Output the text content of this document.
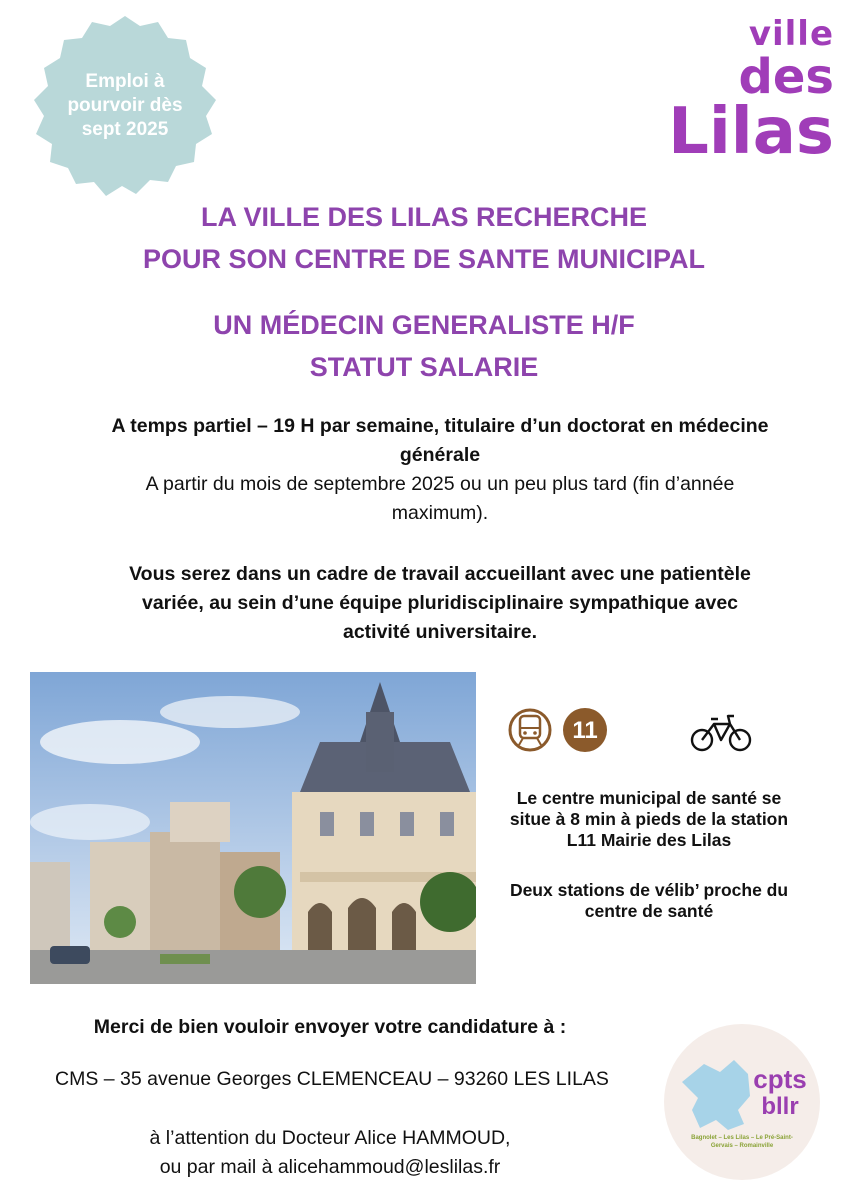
Emploi à
pourvoir dès
sept 2025
ville
des
Lilas
LA VILLE DES LILAS RECHERCHE
POUR SON CENTRE DE SANTE MUNICIPAL
UN MÉDECIN GENERALISTE H/F
STATUT SALARIE
A temps partiel – 19 H par semaine, titulaire d’un doctorat en médecine générale
A partir du mois de septembre 2025 ou un peu plus tard (fin d’année maximum).
Vous serez dans un cadre de travail accueillant avec une patientèle variée, au sein d’une équipe pluridisciplinaire sympathique avec activité universitaire.
11
Le centre municipal de santé se situe à 8 min à pieds de la station L11 Mairie des Lilas
Deux stations de vélib’ proche du centre de santé
Merci de bien vouloir envoyer votre candidature à :
CMS – 35 avenue Georges CLEMENCEAU – 93260 LES LILAS
à l’attention du Docteur Alice HAMMOUD,
ou par mail à alicehammoud@leslilas.fr
cpts
bllr
Bagnolet – Les Lilas – Le Pré-Saint-Gervais – Romainville
